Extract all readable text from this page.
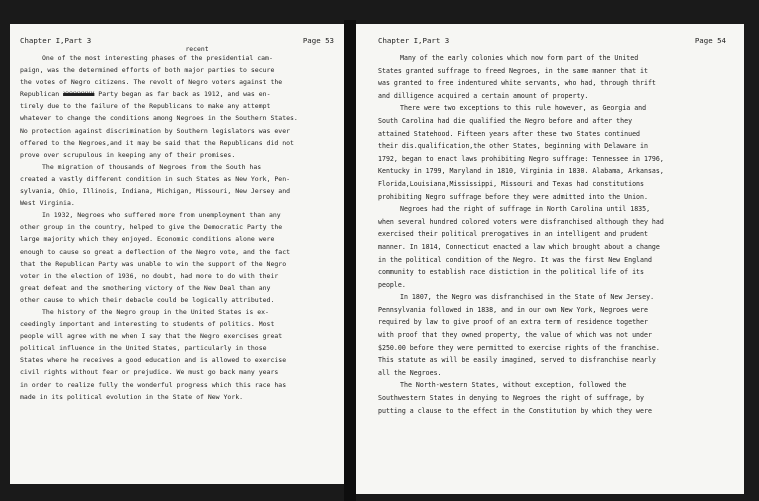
Chapter I,Part 3	Page 53
recent
One of the most interesting phases of the presidential cam-
paign, was the determined efforts of both major parties to secure
the votes of Negro citizens. The revolt of Negro voters against the
Republican XXXXXXXX Party began as far back as 1912, and was en-
tirely due to the failure of the Republicans to make any attempt
whatever to change the conditions among Negroes in the Southern States.
No protection against discrimination by Southern legislators was ever
offered to the Negroes,and it may be said that the Republicans did not
prove over scrupulous in keeping any of their promises.
The migration of thousands of Negroes from the South has
created a vastly different condition in such States as New York, Pen-
sylvania, Ohio, Illinois, Indiana, Michigan, Missouri, New Jersey and
West Virginia.
In 1932, Negroes who suffered more from unemployment than any
other group in the country, helped to give the Democratic Party the
large majority which they enjoyed. Economic conditions alone were
enough to cause so great a deflection of the Negro vote, and the fact
that the Republican Party was unable to win the support of the Negro
voter in the election of 1936, no doubt, had more to do with their
great defeat and the smothering victory of the New Deal than any
other cause to which their debacle could be logically attributed.
The history of the Negro group in the United States is ex-
ceedingly important and interesting to students of politics. Most
people will agree with me when I say that the Negro exercises great
political influence in the United States, particularly in those
States where he receives a good education and is allowed to exercise
civil rights without fear or prejudice. We must go back many years
in order to realize fully the wonderful progress which this race has
made in its political evolution in the State of New York.
Chapter I,Part 3	Page 54
Many of the early colonies which now form part of the United
States granted suffrage to freed Negroes, in the same manner that it
was granted to free indentured white servants, who had, through thrift
and dilligence acquired a certain amount of property.
There were two exceptions to this rule however, as Georgia and
South Carolina had die qualified the Negro before and after they
attained Statehood. Fifteen years after these two States continued
their dis.qualification,the other States, beginning with Delaware in
1792, began to enact laws prohibiting Negro suffrage: Tennessee in 1796,
Kentucky in 1799, Maryland in 1810, Virginia in 1830. Alabama, Arkansas,
Florida,Louisiana,Mississippi, Missouri and Texas had constitutions
prohibiting Negro suffrage before they were admitted into the Union.
Negroes had the right of suffrage in North Carolina until 1835,
when several hundred colored voters were disfranchised although they had
exercised their political prerogatives in an intelligent and prudent
manner. In 1814, Connecticut enacted a law which brought about a change
in the political condition of the Negro. It was the first New England
community to establish race distiction in the political life of its
people.
In 1807, the Negro was disfranchised in the State of New Jersey.
Pennsylvania followed in 1838, and in our own New York, Negroes were
required by law to give proof of an extra term of residence together
with proof that they owned property, the value of which was not under
$250.00 before they were permitted to exercise rights of the franchise.
This statute as will be easily imagined, served to disfranchise nearly
all the Negroes.
The North-western States, without exception, followed the
Southwestern States in denying to Negroes the right of suffrage, by
putting a clause to the effect in the Constitution by which they were
